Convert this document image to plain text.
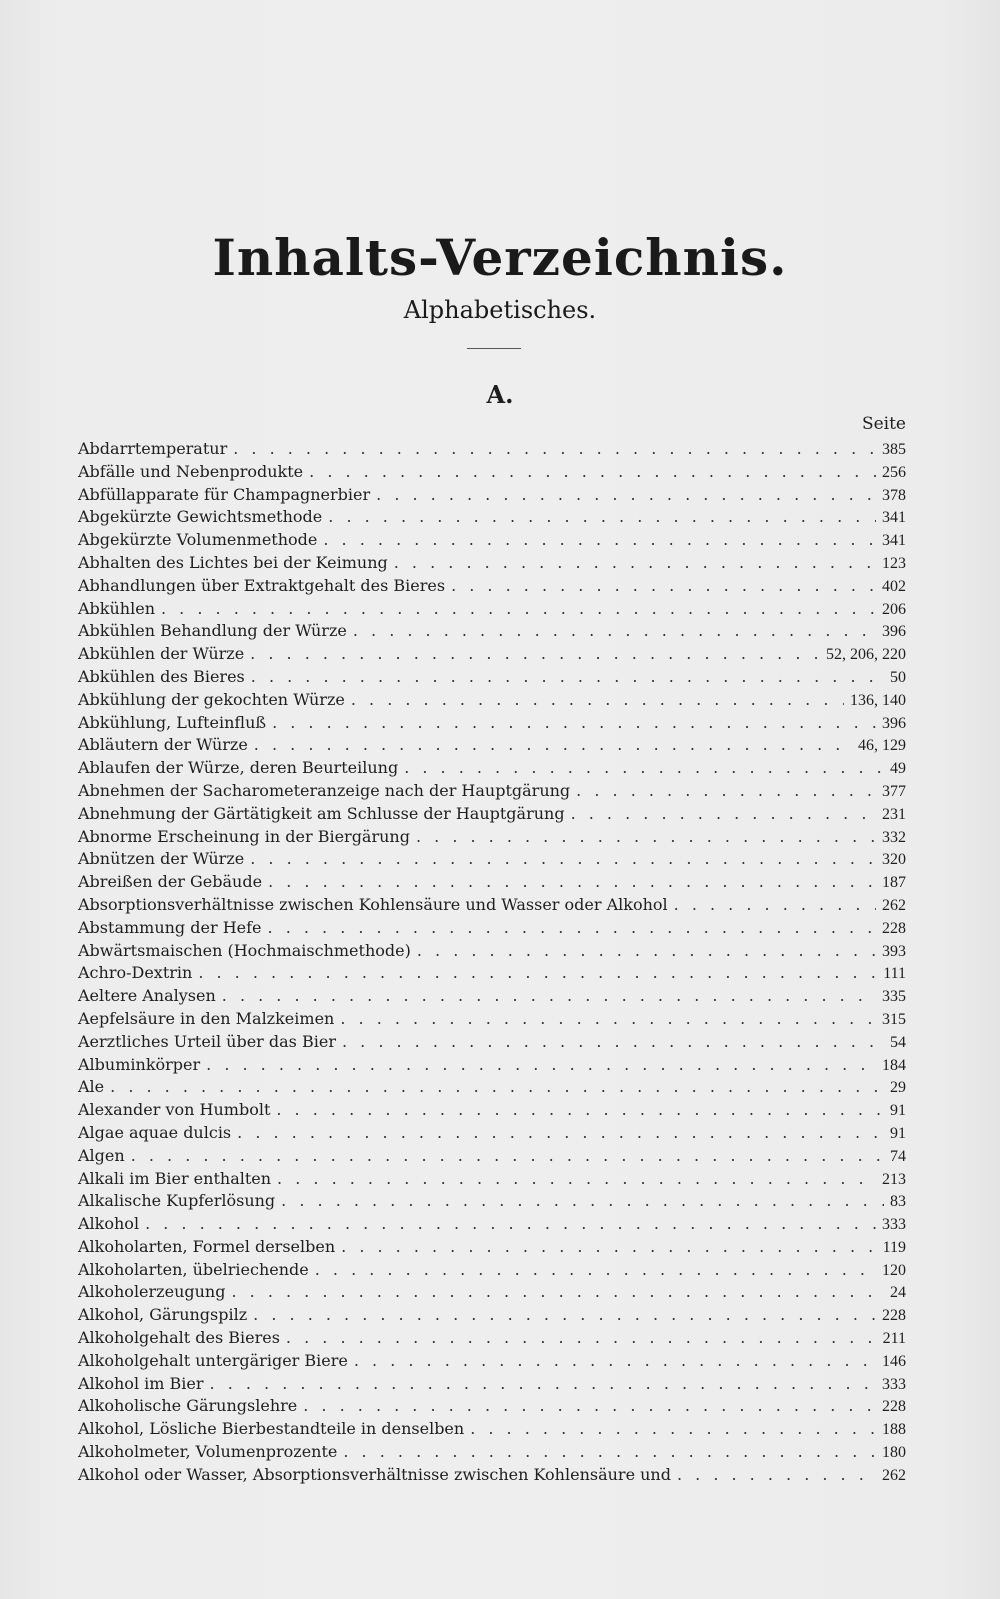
Inhalts-Verzeichnis.
Alphabetisches.
A.
Seite
Abdarrtemperatur . . .	385
Abfälle und Nebenprodukte . . .	256
Abfüllapparate für Champagnerbier . . .	378
Abgekürzte Gewichtsmethode . . .	341
Abgekürzte Volumenmethode . . .	341
Abhalten des Lichtes bei der Keimung . . .	123
Abhandlungen über Extraktgehalt des Bieres . . .	402
Abkühlen . . .	206
Abkühlen Behandlung der Würze . . .	396
Abkühlen der Würze . . .	52, 206, 220
Abkühlen des Bieres . . .	50
Abkühlung der gekochten Würze . . .	136, 140
Abkühlung, Lufteinfluß . . .	396
Abläutern der Würze . . .	46, 129
Ablaufen der Würze, deren Beurteilung . . .	49
Abnehmen der Sacharometeranzeige nach der Hauptgärung . . .	377
Abnehmung der Gärtätigkeit am Schlusse der Hauptgärung . . .	231
Abnorme Erscheinung in der Biergärung . . .	332
Abnützen der Würze . . .	320
Abreißen der Gebäude . . .	187
Absorptionsverhältnisse zwischen Kohlensäure und Wasser oder Alkohol . . .	262
Abstammung der Hefe . . .	228
Abwärtsmaischen (Hochmaischmethode) . . .	393
Achro-Dextrin . . .	111
Aeltere Analysen . . .	335
Aepfelsäure in den Malzkeimen . . .	315
Aerztliches Urteil über das Bier . . .	54
Albuminkörper . . .	184
Ale . . .	29
Alexander von Humbolt . . .	91
Algae aquae dulcis . . .	91
Algen . . .	74
Alkali im Bier enthalten . . .	213
Alkalische Kupferlösung . . .	83
Alkohol . . .	333
Alkoholarten, Formel derselben . . .	119
Alkoholarten, übelriechende . . .	120
Alkoholerzeugung . . .	24
Alkohol, Gärungspilz . . .	228
Alkoholgehalt des Bieres . . .	211
Alkoholgehalt untergäriger Biere . . .	146
Alkohol im Bier . . .	333
Alkoholische Gärungslehre . . .	228
Alkohol, Lösliche Bierbestandteile in denselben . . .	188
Alkoholmeter, Volumenprozente . . .	180
Alkohol oder Wasser, Absorptionsverhältnisse zwischen Kohlensäure und . . .	262
